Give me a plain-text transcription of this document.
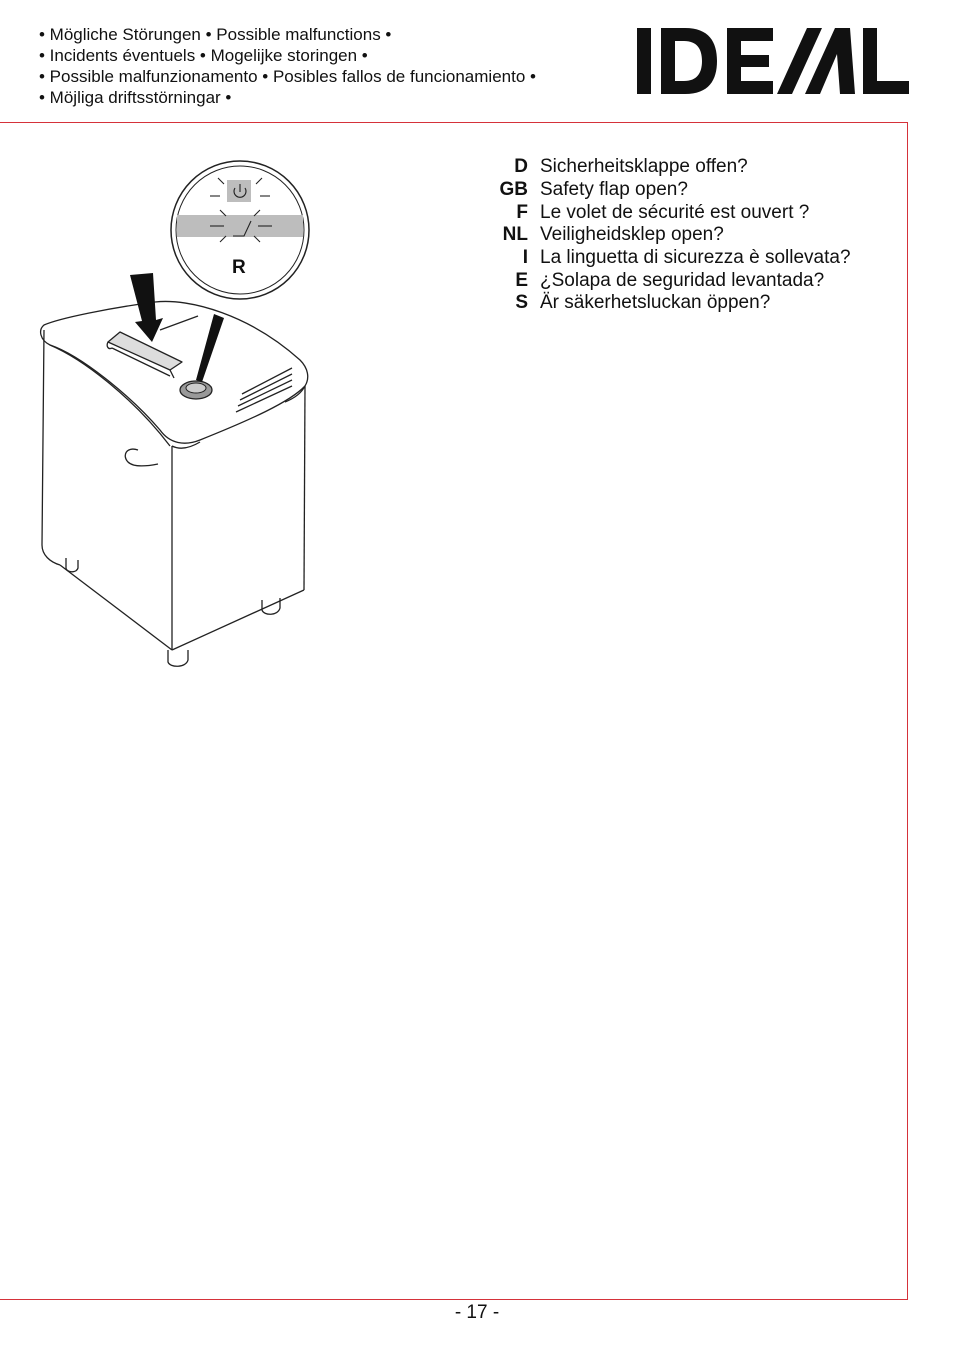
• Mögliche Störungen • Possible malfunctions •
• Incidents éventuels • Mogelijke storingen •
• Possible malfunzionamento • Posibles fallos de funcionamiento •
• Möjliga driftsstörningar •
R
D Sicherheitsklappe offen?
GB Safety flap open?
F Le volet de sécurité est ouvert ?
NL Veiligheidsklep open?
I La linguetta di sicurezza è sollevata?
E ¿Solapa de seguridad levantada?
S Är säkerhetsluckan öppen?
- 17 -
